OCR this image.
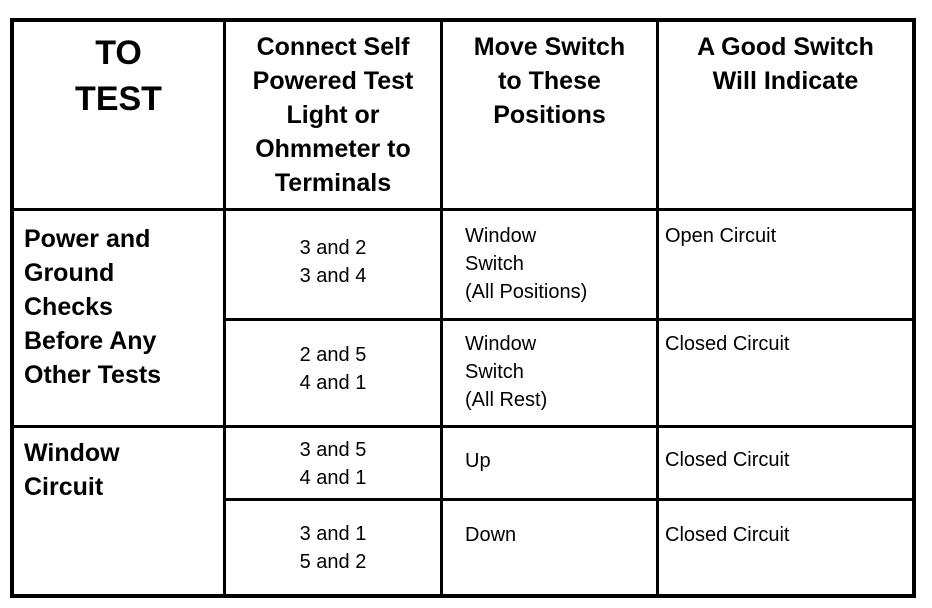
TO
TEST
Connect Self
Powered Test
Light or
Ohmmeter to
Terminals
Move Switch
to These
Positions
A Good Switch
Will Indicate
Power and
Ground
Checks
Before Any
Other Tests
3 and 2
3 and 4
Window
Switch
(All Positions)
Open Circuit
2 and 5
4 and 1
Window
Switch
(All Rest)
Closed Circuit
Window
Circuit
3 and 5
4 and 1
Up	Closed Circuit
3 and 1
5 and 2
Down	Closed Circuit
